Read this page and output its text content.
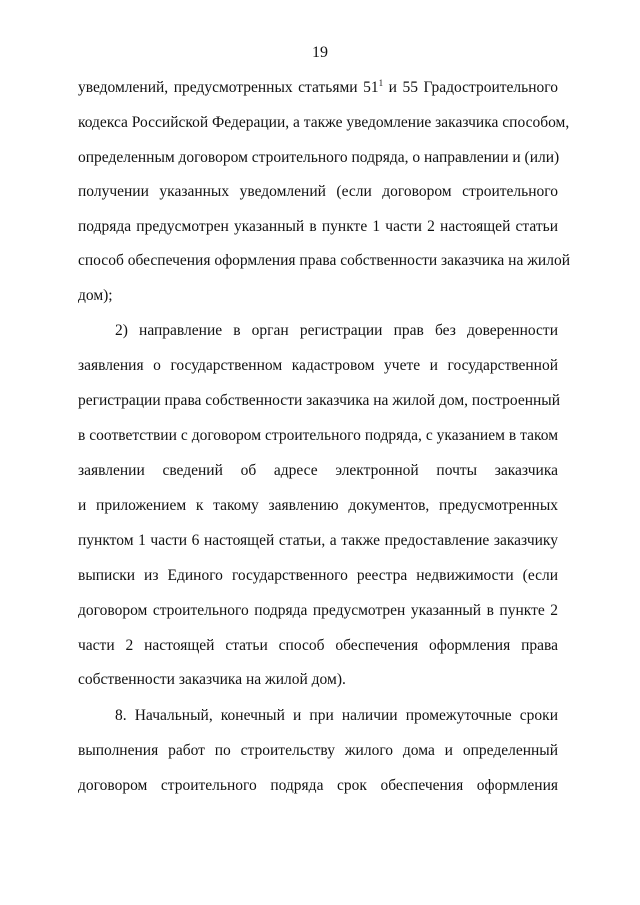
19
уведомлений, предусмотренных статьями $51^1$ и 55 Градостроительного
кодекса Российской Федерации, а также уведомление заказчика способом,
определенным договором строительного подряда, о направлении и (или)
получении указанных уведомлений (если договором строительного
подряда предусмотрен указанный в пункте 1 части 2 настоящей статьи
способ обеспечения оформления права собственности заказчика на жилой
дом);
2) направление в орган регистрации прав без доверенности
заявления о государственном кадастровом учете и государственной
регистрации права собственности заказчика на жилой дом, построенный
в соответствии с договором строительного подряда, с указанием в таком
заявлении сведений об адресе электронной почты заказчика
и приложением к такому заявлению документов, предусмотренных
пунктом 1 части 6 настоящей статьи, а также предоставление заказчику
выписки из Единого государственного реестра недвижимости (если
договором строительного подряда предусмотрен указанный в пункте 2
части 2 настоящей статьи способ обеспечения оформления права
собственности заказчика на жилой дом).
8. Начальный, конечный и при наличии промежуточные сроки
выполнения работ по строительству жилого дома и определенный
договором строительного подряда срок обеспечения оформления
